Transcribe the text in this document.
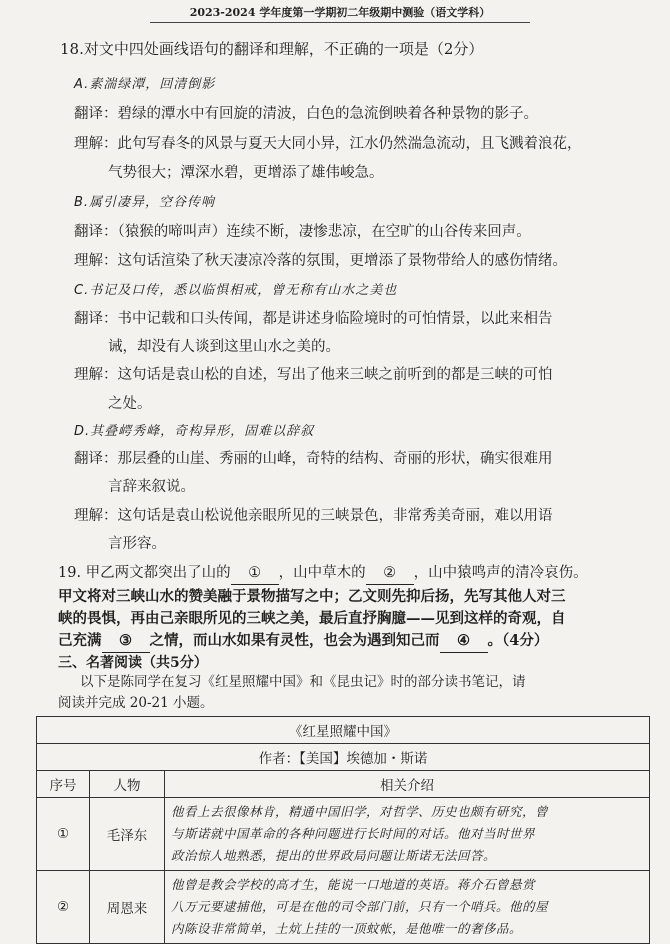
2023-2024 学年度第一学期初二年级期中测验（语文学科）
18.对文中四处画线语句的翻译和理解，不正确的一项是（2分）
A.素湍绿潭，回清倒影
翻译：碧绿的潭水中有回旋的清波，白色的急流倒映着各种景物的影子。
理解：此句写春冬的风景与夏天大同小异，江水仍然湍急流动，且飞溅着浪花，
气势很大；潭深水碧，更增添了雄伟峻急。
B.属引凄异，空谷传响
翻译：（猿猴的啼叫声）连续不断，凄惨悲凉，在空旷的山谷传来回声。
理解：这句话渲染了秋天凄凉冷落的氛围，更增添了景物带给人的感伤情绪。
C.书记及口传，悉以临惧相戒，曾无称有山水之美也
翻译：书中记载和口头传闻，都是讲述身临险境时的可怕情景，以此来相告
诫，却没有人谈到这里山水之美的。
理解：这句话是袁山松的自述，写出了他来三峡之前听到的都是三峡的可怕
之处。
D.其叠崿秀峰，奇构异形，固难以辞叙
翻译：那层叠的山崖、秀丽的山峰，奇特的结构、奇丽的形状，确实很难用
言辞来叙说。
理解：这句话是袁山松说他亲眼所见的三峡景色，非常秀美奇丽，难以用语
言形容。
19. 甲乙两文都突出了山的 ① ，山中草木的 ② ，山中猿鸣声的清冷哀伤。
甲文将对三峡山水的赞美融于景物描写之中；乙文则先抑后扬，先写其他人对三
峡的畏惧，再由己亲眼所见的三峡之美，最后直抒胸臆——见到这样的奇观，自
己充满 ③ 之情，而山水如果有灵性，也会为遇到知己而 ④ 。（4分）
三、名著阅读（共5分）
以下是陈同学在复习《红星照耀中国》和《昆虫记》时的部分读书笔记，请
阅读并完成 20-21 小题。
《红星照耀中国》		
作者：【美国】埃德加・斯诺		
序号	人物	相关介绍
①	毛泽东	他看上去很像林肯，精通中国旧学，对哲学、历史也颇有研究，曾
与斯诺就中国革命的各种问题进行长时间的对话。他对当时世界
政治惊人地熟悉，提出的世界政局问题让斯诺无法回答。

②	周恩来	他曾是教会学校的高才生，能说一口地道的英语。蒋介石曾悬赏
八万元要逮捕他，可是在他的司令部门前，只有一个哨兵。他的屋
内陈设非常简单，土炕上挂的一顶蚊帐，是他唯一的奢侈品。
